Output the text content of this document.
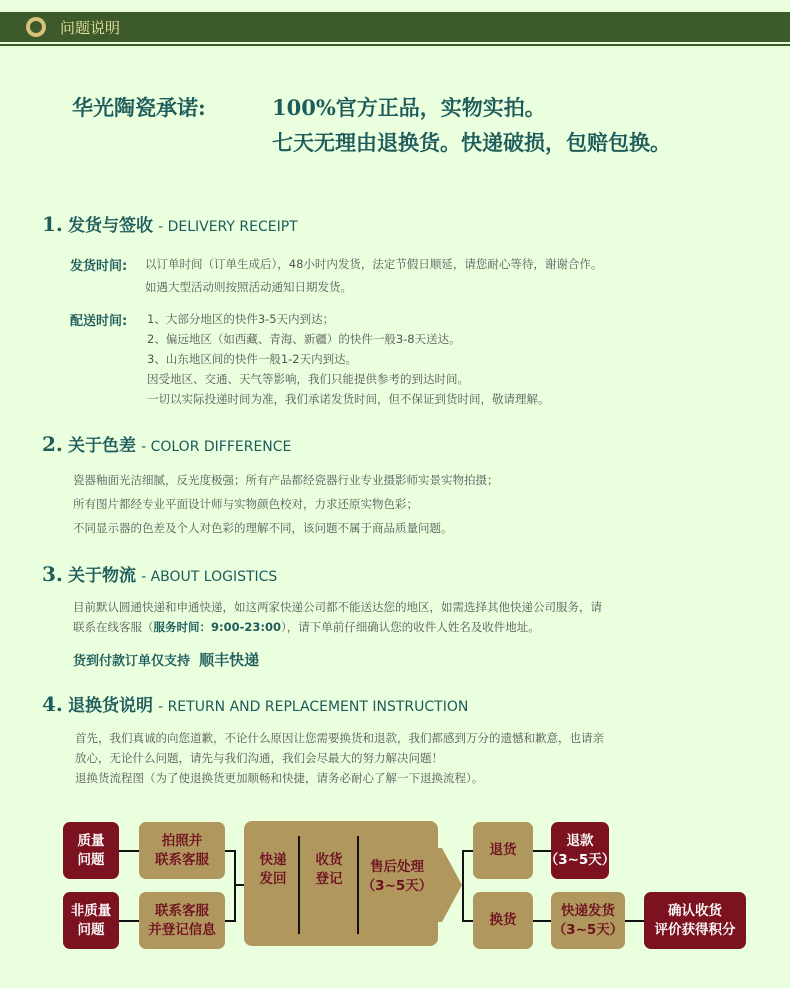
问题说明
华光陶瓷承诺:	100%官方正品，实物实拍。
七天无理由退换货。快递破损，包赔包换。
1. 发货与签收 - DELIVERY RECEIPT
发货时间: 以订单时间（订单生成后），48小时内发货，法定节假日顺延，请您耐心等待，谢谢合作。
如遇大型活动则按照活动通知日期发货。
配送时间: 1、大部分地区的快件3-5天内到达；
2、偏远地区（如西藏、青海、新疆）的快件一般3-8天送达。
3、山东地区间的快件一般1-2天内到达。
因受地区、交通、天气等影响，我们只能提供参考的到达时间。
一切以实际投递时间为准，我们承诺发货时间，但不保证到货时间，敬请理解。
2. 关于色差 - COLOR DIFFERENCE
瓷器釉面光洁细腻，反光度极强；所有产品都经瓷器行业专业摄影师实景实物拍摄；
所有图片都经专业平面设计师与实物颜色校对，力求还原实物色彩；
不同显示器的色差及个人对色彩的理解不同，该问题不属于商品质量问题。
3. 关于物流 - ABOUT LOGISTICS
目前默认圆通快递和申通快递，如这两家快递公司都不能送达您的地区，如需选择其他快递公司服务，请
联系在线客服（服务时间：9:00-23:00），请下单前仔细确认您的收件人姓名及收件地址。
货到付款订单仅支持 顺丰快递
4. 退换货说明 - RETURN AND REPLACEMENT INSTRUCTION
首先，我们真诚的向您道歉，不论什么原因让您需要换货和退款，我们都感到万分的遗憾和歉意，也请亲
放心，无论什么问题，请先与我们沟通，我们会尽最大的努力解决问题！
退换货流程图（为了使退换货更加顺畅和快捷，请务必耐心了解一下退换流程）。
质量
问题
非质量
问题
拍照并
联系客服
联系客服
并登记信息
快递
发回
收货
登记
售后处理
（3~5天）
退货
换货
退款
（3~5天）
快递发货
（3~5天）
确认收货
评价获得积分
